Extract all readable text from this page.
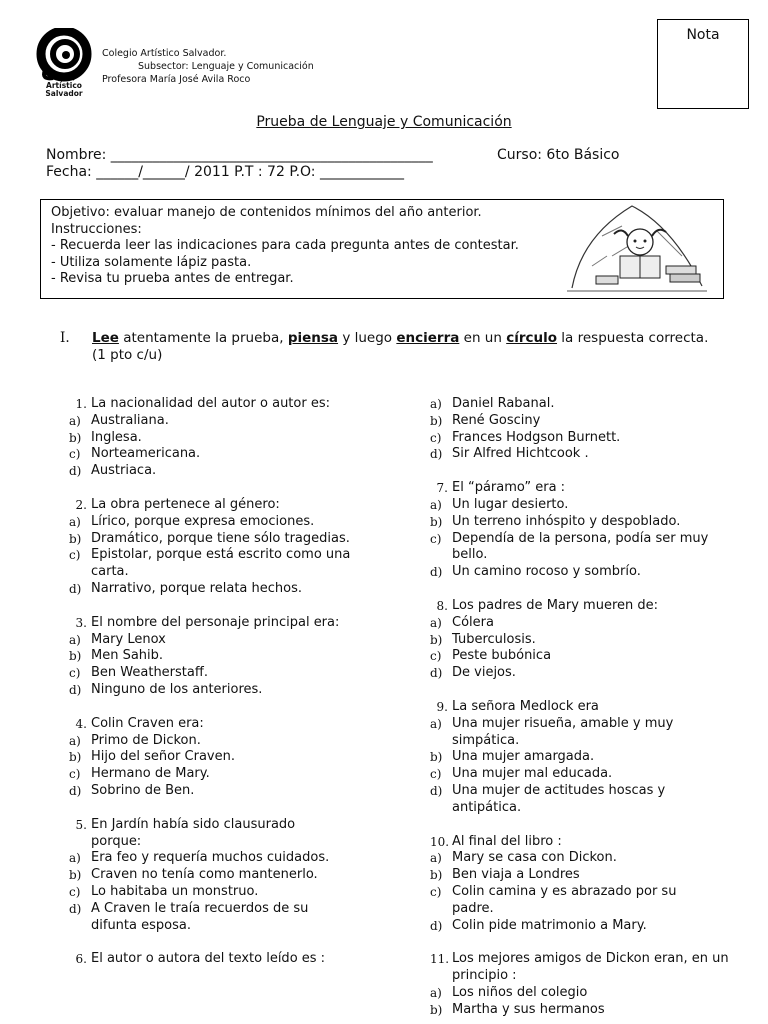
Artístico
Salvador
Colegio Artístico Salvador.
Subsector: Lenguaje y Comunicación
Profesora María José Avila Roco
Nota
Prueba de Lenguaje y Comunicación
Nombre: ______________________________________________	Curso: 6to Básico
Fecha: ______/______/ 2011 P.T : 72 P.O: ____________
Objetivo: evaluar manejo de contenidos mínimos del año anterior.
Instrucciones:
- Recuerda leer las indicaciones para cada pregunta antes de contestar.
- Utiliza solamente lápiz pasta.
- Revisa tu prueba antes de entregar.
I.	Lee atentamente la prueba, piensa y luego encierra en un círculo la respuesta correcta. (1 pto c/u)
1. La nacionalidad del autor o autor es:
a) Australiana.
b) Inglesa.
c) Norteamericana.
d) Austriaca.
2. La obra pertenece al género:
a) Lírico, porque expresa emociones.
b) Dramático, porque tiene sólo tragedias.
c) Epistolar, porque está escrito como una carta.
d) Narrativo, porque relata hechos.
3. El nombre del personaje principal era:
a) Mary Lenox
b) Men Sahib.
c) Ben Weatherstaff.
d) Ninguno de los anteriores.
4. Colin Craven era:
a) Primo de Dickon.
b) Hijo del señor Craven.
c) Hermano de Mary.
d) Sobrino de Ben.
5. En Jardín había sido clausurado porque:
a) Era feo y requería muchos cuidados.
b) Craven no tenía como mantenerlo.
c) Lo habitaba un monstruo.
d) A Craven le traía recuerdos de su difunta esposa.
6. El autor o autora del texto leído es :
a) Daniel Rabanal.
b) René Gosciny
c) Frances Hodgson Burnett.
d) Sir Alfred Hichtcook .
7. El “páramo” era :
a) Un lugar desierto.
b) Un terreno inhóspito y despoblado.
c) Dependía de la persona, podía ser muy bello.
d) Un camino rocoso y sombrío.
8. Los padres de Mary mueren de:
a) Cólera
b) Tuberculosis.
c) Peste bubónica
d) De viejos.
9. La señora Medlock era
a) Una mujer risueña, amable y muy simpática.
b) Una mujer amargada.
c) Una mujer mal educada.
d) Una mujer de actitudes hoscas y antipática.
10. Al final del libro :
a) Mary se casa con Dickon.
b) Ben viaja a Londres
c) Colin camina y es abrazado por su padre.
d) Colin pide matrimonio a Mary.
11. Los mejores amigos de Dickon eran, en un principio :
a) Los niños del colegio
b) Martha y sus hermanos
